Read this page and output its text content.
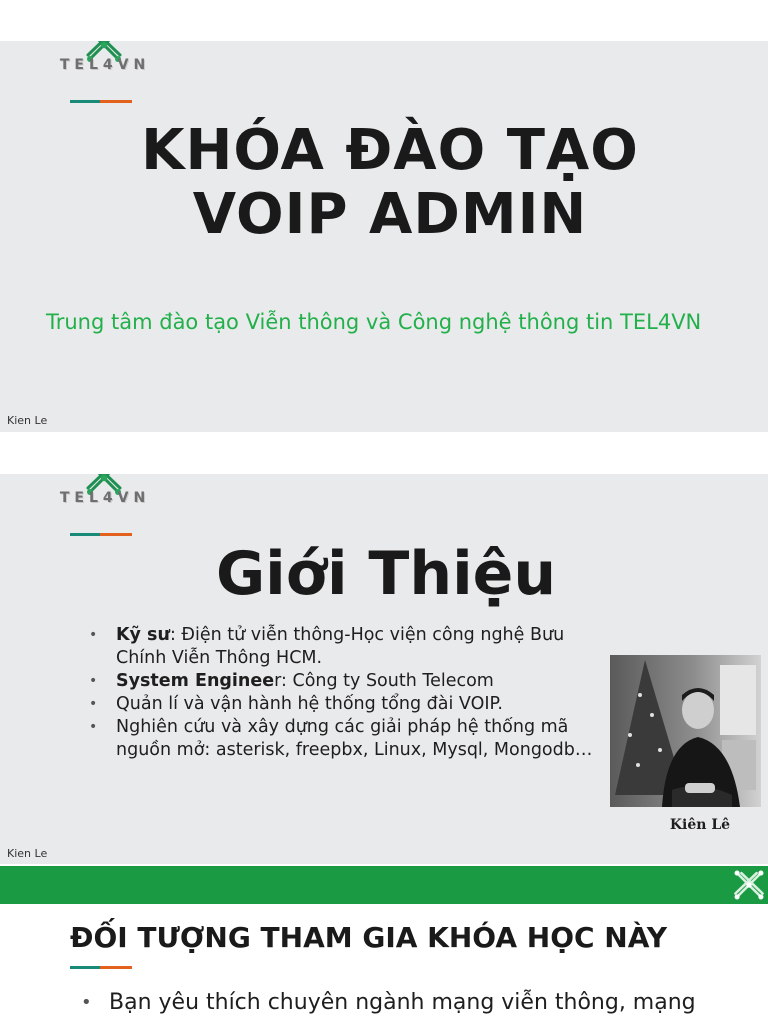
TEL4VN
KHÓA ĐÀO TẠO
VOIP ADMIN
Trung tâm đào tạo Viễn thông và Công nghệ thông tin TEL4VN
Kien Le
TEL4VN
Giới Thiệu
• Kỹ sư: Điện tử viễn thông-Học viện công nghệ Bưu Chính Viễn Thông HCM.
• System Engineer: Công ty South Telecom
• Quản lí và vận hành hệ thống tổng đài VOIP.
• Nghiên cứu và xây dựng các giải pháp hệ thống mã nguồn mở: asterisk, freepbx, Linux, Mysql, Mongodb…
Kiên Lê
Kien Le
ĐỐI TƯỢNG THAM GIA KHÓA HỌC NÀY
• Bạn yêu thích chuyên ngành mạng viễn thông, mạng
